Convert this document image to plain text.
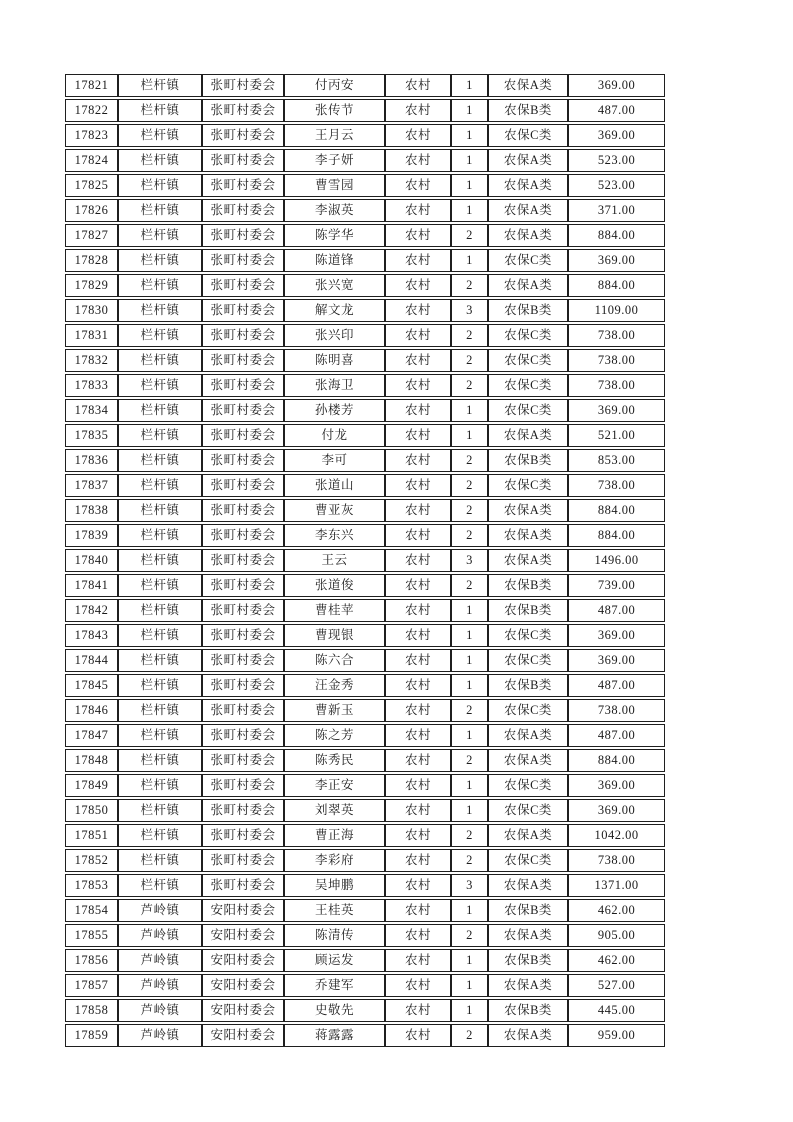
17821	栏杆镇	张町村委会	付丙安	农村	1	农保A类	369.00
17822	栏杆镇	张町村委会	张传节	农村	1	农保B类	487.00
17823	栏杆镇	张町村委会	王月云	农村	1	农保C类	369.00
17824	栏杆镇	张町村委会	李子妍	农村	1	农保A类	523.00
17825	栏杆镇	张町村委会	曹雪园	农村	1	农保A类	523.00
17826	栏杆镇	张町村委会	李淑英	农村	1	农保A类	371.00
17827	栏杆镇	张町村委会	陈学华	农村	2	农保A类	884.00
17828	栏杆镇	张町村委会	陈道锋	农村	1	农保C类	369.00
17829	栏杆镇	张町村委会	张兴宽	农村	2	农保A类	884.00
17830	栏杆镇	张町村委会	解文龙	农村	3	农保B类	1109.00
17831	栏杆镇	张町村委会	张兴印	农村	2	农保C类	738.00
17832	栏杆镇	张町村委会	陈明喜	农村	2	农保C类	738.00
17833	栏杆镇	张町村委会	张海卫	农村	2	农保C类	738.00
17834	栏杆镇	张町村委会	孙楼芳	农村	1	农保C类	369.00
17835	栏杆镇	张町村委会	付龙	农村	1	农保A类	521.00
17836	栏杆镇	张町村委会	李可	农村	2	农保B类	853.00
17837	栏杆镇	张町村委会	张道山	农村	2	农保C类	738.00
17838	栏杆镇	张町村委会	曹亚灰	农村	2	农保A类	884.00
17839	栏杆镇	张町村委会	李东兴	农村	2	农保A类	884.00
17840	栏杆镇	张町村委会	王云	农村	3	农保A类	1496.00
17841	栏杆镇	张町村委会	张道俊	农村	2	农保B类	739.00
17842	栏杆镇	张町村委会	曹桂苹	农村	1	农保B类	487.00
17843	栏杆镇	张町村委会	曹现银	农村	1	农保C类	369.00
17844	栏杆镇	张町村委会	陈六合	农村	1	农保C类	369.00
17845	栏杆镇	张町村委会	汪金秀	农村	1	农保B类	487.00
17846	栏杆镇	张町村委会	曹新玉	农村	2	农保C类	738.00
17847	栏杆镇	张町村委会	陈之芳	农村	1	农保A类	487.00
17848	栏杆镇	张町村委会	陈秀民	农村	2	农保A类	884.00
17849	栏杆镇	张町村委会	李正安	农村	1	农保C类	369.00
17850	栏杆镇	张町村委会	刘翠英	农村	1	农保C类	369.00
17851	栏杆镇	张町村委会	曹正海	农村	2	农保A类	1042.00
17852	栏杆镇	张町村委会	李彩府	农村	2	农保C类	738.00
17853	栏杆镇	张町村委会	吴坤鹏	农村	3	农保A类	1371.00
17854	芦岭镇	安阳村委会	王桂英	农村	1	农保B类	462.00
17855	芦岭镇	安阳村委会	陈清传	农村	2	农保A类	905.00
17856	芦岭镇	安阳村委会	顾运发	农村	1	农保B类	462.00
17857	芦岭镇	安阳村委会	乔建军	农村	1	农保A类	527.00
17858	芦岭镇	安阳村委会	史敬先	农村	1	农保B类	445.00
17859	芦岭镇	安阳村委会	蒋露露	农村	2	农保A类	959.00
